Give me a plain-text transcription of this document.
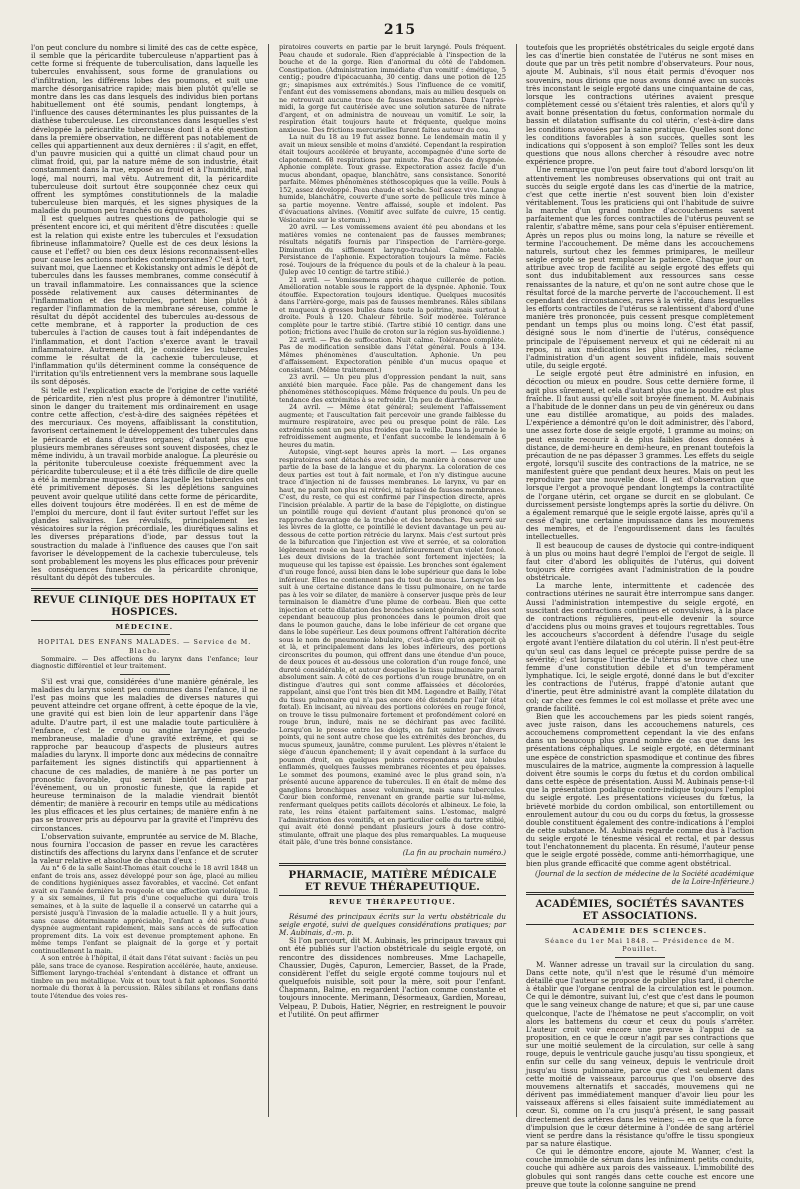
215

l'on peut conclure du nombre si limité des cas de cette espèce, il semble que la péricardite tuberculeuse n'appartient pas à cette forme si fréquente de tuberculisation, dans laquelle les tubercules envahissent, sous forme de granulations ou d'infiltration, les différens lobes des poumons, et suit une marche désorganisatrice rapide; mais bien plutôt qu'elle se montre dans les cas dans lesquels des individus bien portans habituellement ont été soumis, pendant longtemps, à l'influence des causes déterminantes les plus puissantes de la diathèse tuberculeuse. Les circonstances dans lesquelles s'est développée la péricardite tuberculeuse dont il a été question dans la première observation, ne diffèrent pas notablement de celles qui appartiennent aux deux dernières : il s'agit, en effet, d'un pauvre musicien qui a quitté un climat chaud pour un climat froid, qui, par la nature même de son industrie, était constamment dans la rue, exposé au froid et à l'humidité, mal logé, mal nourri, mal vêtu. Autrement dit, la péricardite tuberculeuse doit surtout être soupçonnée chez ceux qui offrent les symptômes constitutionnels de la maladie tuberculeuse bien marqués, et les signes physiques de la maladie du poumon peu tranchés ou équivoques.

Il est quelques autres questions de pathologie qui se présentent encore ici, et qui méritent d'être discutées : quelle est la relation qui existe entre les tubercules et l'exsudation fibrineuse inflammatoire? Quelle est de ces deux lésions la cause et l'effet? ou bien ces deux lésions reconnaissent-elles pour cause les actions morbides contemporaines? C'est à tort, suivant moi, que Laennec et Kokistansky ont admis le dépôt de tubercules dans les fausses membranes, comme consécutif à un travail inflammatoire. Les connaissances que la science possède relativement aux causes déterminantes de l'inflammation et des tubercules, portent bien plutôt à regarder l'inflammation de la membrane séreuse, comme le résultat du dépôt accidentel des tubercules au-dessous de cette membrane, et à rapporter la production de ces tubercules à l'action de causes tout à fait indépendantes de l'inflammation, et dont l'action s'exerce avant le travail inflammatoire. Autrement dit, je considère les tubercules comme le résultat de la cachexie tuberculeuse, et l'inflammation qu'ils déterminent comme la conséquence de l'irritation qu'ils entretiennent vers la membrane sous laquelle ils sont déposés.

Si telle est l'explication exacte de l'origine de cette variété de péricardite, rien n'est plus propre à démontrer l'inutilité, sinon le danger du traitement mis ordinairement en usage contre cette affection, c'est-à-dire des saignées répétées et des mercuriaux. Ces moyens, affaiblissant la constitution, favorisent certainement le développement des tubercules dans le péricarde et dans d'autres organes; d'autant plus que plusieurs membranes séreuses sont souvent disposées, chez le même individu, à un travail morbide analogue. La pleurésie ou la péritonite tuberculeuse coexiste fréquemment avec la péricardite tuberculeuse; et il a été très difficile de dire quelle a été la membrane muqueuse dans laquelle les tubercules ont été primitivement déposés. Si les déplétions sanguines peuvent avoir quelque utilité dans cette forme de péricardite, elles doivent toujours être modérées. Il en est de même de l'emploi du mercure, dont il faut éviter surtout l'effet sur les glandes salivaires. Les révulsifs, principalement les vésicatoires sur la région précordiale, les diurétiques salins et les diverses préparations d'iode, par dessus tout la soustraction du malade à l'influence des causes que l'on sait favoriser le développement de la cachexie tuberculeuse, tels sont probablement les moyens les plus efficaces pour prévenir les conséquences funestes de la péricardite chronique, résultant du dépôt des tubercules.

REVUE CLINIQUE DES HOPITAUX ET HOSPICES.
MÉDECINE.
HOPITAL DES ENFANS MALADES. — Service de M. Blache.

Sommaire. — Des affections du larynx dans l'enfance; leur diagnostic différentiel et leur traitement.

S'il est vrai que, considérées d'une manière générale, les maladies du larynx soient peu communes dans l'enfance, il ne l'est pas moins que les maladies de diverses natures qui peuvent atteindre cet organe offrent, à cette époque de la vie, une gravité qui est bien loin de leur appartenir dans l'âge adulte. D'autre part, il est une maladie toute particulière à l'enfance, c'est le croup ou angine laryngée pseudo-membraneuse, maladie d'une gravité extrême, et qui se rapproche par beaucoup d'aspects de plusieurs autres maladies du larynx. Il importe donc aux médecins de connaître parfaitement les signes distinctifs qui appartiennent à chacune de ces maladies, de manière à ne pas porter un pronostic favorable, qui serait bientôt démenti par l'événement, ou un pronostic funeste, que la rapide et heureuse terminaison de la maladie viendrait bientôt démentir; de manière à recourir en temps utile au médications les plus efficaces et les plus certaines; de manière enfin à ne pas se trouver pris au dépourvu par la gravité et l'imprévu des circonstances.

L'observation suivante, empruntée au service de M. Blache, nous fournira l'occasion de passer en revue les caractères distinctifs des affections du larynx dans l'enfance et de scruter la valeur relative et absolue de chacun d'eux :

Au n° 6 de la salle Saint-Thomas était couché le 18 avril 1848 un enfant de trois ans, assez développé pour son âge, placé au milieu de conditions hygiéniques assez favorables, et vacciné. Cet enfant avait eu l'année dernière la rougeole et une affection varioloïque. Il y a six semaines, il fut pris d'une coqueluche qui dura trois semaines, et à la suite de laquelle il a conservé un catarrhe qui a persisté jusqu'à l'invasion de la maladie actuelle. Il y a huit jours, sans cause déterminante appréciable, l'enfant a été pris d'une dyspnée augmentant rapidement, mais sans accès de suffocation proprement dits. La voix est devenue promptement aphone. En même temps l'enfant se plaignait de la gorge et y portait continuellement la main.

A son entrée à l'hôpital, il était dans l'état suivant : faciès un peu pâle, sans trace de cyanose. Respiration accélérée, haute, anxieuse. Sifflement laryngo-trachéal s'entendant à distance et offrant un timbre un peu métallique. Voix et toux tout à fait aphones. Sonorité normale du thorax à la percussion. Râles sibilans et ronflans dans toute l'étendue des voies res-

piratoires couverts en partie par le bruit laryngé. Pouls fréquent. Peau chaude et sudorale. Rien d'appréciable à l'inspection de la bouche et de la gorge. Rien d'anormal du côté de l'abdomen. Constipation. (Administration immédiate d'un vomitif : émétique, 5 centig.; poudre d'ipécacuanha, 30 centig. dans une potion de 125 gr.; sinapismes aux extrémités.) Sous l'influence de ce vomitif, l'enfant eut des vomissemens abondans, mais au milieu desquels on ne retrouvait aucune trace de fausses membranes. Dans l'après-midi, la gorge fut cautérisée avec une solution saturée de nitrate d'argent, et on administra de nouveau un vomitif. Le soir, la respiration était toujours haute et fréquente, quelque moins anxieuse. Des frictions mercurielles furent faites autour du cou.

La nuit du 18 au 19 fut assez bonne. Le lendemain matin il y avait un mieux sensible et moins d'anxiété. Cependant la respiration était toujours accélérée et bruyante, accompagnée d'une sorte de clapotement. 68 respirations par minute. Pas d'accès de dyspnée. Aphonie complète. Toux grasse. Expectoration assez facile d'un mucus abondant, opaque, blanchâtre, sans consistance. Sonorité parfaite. Mêmes phénomènes stéthoscopiques que la veille. Pouls à 152, assez développé. Peau chaude et sèche. Soif assez vive. Langue humide, blanchâtre, couverte d'une sorte de pellicule très mince à sa partie moyenne. Ventre affaissé, souple et indolent. Pas d'évacuations alvines. (Vomitif avec sulfate de cuivre, 15 centig. Vésicatoire sur le sternum.)

20 avril. — Les vomissemens avaient été peu abondans et les matières vomies ne contenaient pas de fausses membranes; résultats négatifs fournis par l'inspection de l'arrière-gorge. Diminution du sifflement laryngo-trachéal. Calme notable. Persistance de l'aphonie. Expectoration toujours la même. Faciès rosé. Toujours de la fréquence du pouls et de la chaleur à la peau. (Julep avec 10 centigr. de tartre stibié.)

21 avril. — Vomissemens après chaque cuillerée de potion. Amélioration notable sous le rapport de la dyspnée. Aphonie. Toux étouffée. Expectoration toujours identique. Quelques mucosités dans l'arrière-gorge, mais pas de fausses membranes. Râles sibilans et muqueux à grosses bulles dans toute la poitrine, mais surtout à droite. Pouls à 120. Chaleur fébrile. Soif modérée. Tolérance complète pour le tartre stibié. (Tartre stibié 10 centigr. dans une potion; frictions avec l'huile de croton sur la région sus-hyoïdienne.)

22 avril. — Pas de suffocation. Nuit calme. Tolérance complète. Pas de modification sensible dans l'état général. Pouls à 134. Mêmes phénomènes d'auscultation. Aphonie. Un peu d'affaissement. Expectoration pénible d'un mucus opaque et consistant. (Même traitement.)

23 avril. — Un peu plus d'oppression pendant la nuit, sans anxiété bien marquée. Face pâle. Pas de changement dans les phénomènes stéthoscopiques. Même fréquence du pouls. Un peu de tendance des extrémités à se refroidir. Un peu de diarrhée.

24 avril. — Même état général; seulement l'affaissement augmente; et l'auscultation fait percevoir une grande faiblesse du murmure respiratoire, avec peu ou presque point de râle. Les extrémités sont un peu plus froides que la veille. Dans la journée le refroidissement augmente, et l'enfant succombe le lendemain à 6 heures du matin.

Autopsie, vingt-sept heures après la mort. — Les organes respiratoires sont détachés avec soin, de manière à conserver une partie de la base de la langue et du pharynx. La coloration de ces deux parties est tout à fait normale, et l'on n'y distingue aucune trace d'injection ni de fausses membranes. Le larynx, vu par en haut, ne paraît non plus ni rétréci, ni tapissé de fausses membranes. C'est, du reste, ce qui est confirmé par l'inspection directe, après l'incision préalable. A partir de la base de l'épiglotte, on distingue un pointillé rouge qui devient d'autant plus prononcé qu'on se rapproche davantage de la trachée et des bronches. Peu serré sur les lèvres de la glotte, ce pointillé le devient davantage un peu au-dessous de cette portion rétrécie du larynx. Mais c'est surtout près de la bifurcation que l'injection est vive et serrée, et sa coloration légèrement rosée en haut devient inférieurement d'un violet foncé. Les deux divisions de la trachée sont fortement injectées; la muqueuse qui les tapisse est épaissie. Les bronches sont également d'un rouge foncé, aussi bien dans le lobe supérieur que dans le lobe inférieur. Elles ne contiennent pas du tout de mucus. Lorsqu'on les suit à une certaine distance dans le tissu pulmonaire, on ne tarde pas à les voir se dilater, de manière à conserver jusque près de leur terminaison le diamètre d'une plume de corbeau. Bien que cette injection et cette dilatation des bronches soient générales, elles sont cependant beaucoup plus prononcées dans le poumon droit que dans le poumon gauche, dans le lobe inférieur de cet organe que dans le lobe supérieur. Les deux poumons offrent l'altération décrite sous le nom de pneumonie lobulaire, c'est-à-dire qu'on aperçoit çà et là, et principalement dans les lobes inférieurs, des portions circonscrites du poumon, qui offrent dans une étendue d'un pouce, de deux pouces et au-dessous une coloration d'un rouge foncé, une dureté considérable, et autour desquelles le tissu pulmonaire paraît absolument sain. A côté de ces portions d'un rouge brunâtre, on en distingue d'autres qui sont comme affaissées et décolorées, rappelant, ainsi que l'ont très bien dit MM. Legendre et Bailly, l'état du tissu pulmonaire qui n'a pas encore été distendu par l'air (état fœtal). En incisant, au niveau des portions colorées en rouge foncé, on trouve le tissu pulmonaire fortement et profondément coloré en rouge brun, induré, mais ne se déchirant pas avec facilité. Lorsqu'on le presse entre les doigts, on fait suinter par divers points, qui ne sont autre chose que les extrémités des bronches, du mucus spumeux, jaunâtre, comme purulent. Les plèvres n'étaient le siège d'aucun épanchement; il y avait cependant à la surface du poumon droit, en quelques points correspondans aux lobules enflammés, quelques fausses membranes récentes et peu épaisses. Le sommet des poumons, examiné avec le plus grand soin, n'a présenté aucune apparence de tubercules. Il en était de même des ganglions bronchiques assez volumineux, mais sans tubercules. Cœur bien conformé, renvenant en grande partie sur lui-même, renfermant quelques petits caillots décolorés et albineux. Le foie, la rate, les reins étaient parfaitement sains. L'estomac, malgré l'administration des vomitifs, et en particulier celle du tartre stibié, qui avait été donné pendant plusieurs jours à dose contro-stimulante, offrait une plaque des plus remarquables. La muqueuse était pâle, d'une très bonne consistance.

(La fin au prochain numéro.)
PHARMACIE, MATIÈRE MÉDICALE ET REVUE THÉRAPEUTIQUE.
REVUE THÉRAPEUTIQUE.

Résumé des principaux écrits sur la vertu obstétricale du seigle ergoté, suivi de quelques considérations pratiques; par M. Aubinais, d.-m. p.

Si l'on parcourt, dit M. Aubinais, les principaux travaux qui ont été publiés sur l'action obstétricale du seigle ergoté, on rencontre des dissidences nombreuses. Mme Lachapelle, Chaussier, Dugès, Capuron, Lemercier, Basset, de la Prade, considèrent l'effet du seigle ergoté comme toujours nul et quelquefois nuisible, soit pour la mère, soit pour l'enfant. Chapmann, Balme, en regardent l'action comme constante et toujours innocente. Merimann, Désormeaux, Gardien, Moreau, Velpeau, P. Dubois, Hatier, Négrier, en restreignent le pouvoir et l'utilité. On peut affirmer

toutefois que les propriétés obstétricales du seigle ergoté dans les cas d'inertie bien constatée de l'utérus ne sont mises en doute que par un très petit nombre d'observateurs. Pour nous, ajoute M. Aubinais, s'il nous était permis d'évoquer nos souvenirs, nous dirions que nous avons donné avec un succès très inconstant le seigle ergoté dans une cinquantaine de cas, lorsque les contractions utérines avaient presque complètement cessé ou s'étaient très ralenties, et alors qu'il y avait bonne présentation du fœtus, conformation normale du bassin et dilatation suffisante du col utérin, c'est-à-dire dans les conditions avouées par la saine pratique. Quelles sont donc les conditions favorables à son succès, quelles sont les indications qui s'opposent à son emploi? Telles sont les deux questions que nous allons chercher à résoudre avec notre expérience propre.

Une remarque que l'on peut faire tout d'abord lorsqu'on lit attentivement les nombreuses observations qui ont trait au succès du seigle ergoté dans les cas d'inertie de la matrice, c'est que cette inertie n'est souvent bien loin d'exister véritablement. Tous les praticiens qui ont l'habitude de suivre la marche d'un grand nombre d'accouchemens savent parfaitement que les forces contractiles de l'utérus peuvent se ralentir, s'abattre même, sans pour cela s'épuiser entièrement. Après un repos plus ou moins long, la nature se réveille et termine l'accouchement. De même dans les accouchemens naturels, surtout chez les femmes primipares, le meilleur seigle ergoté se peut remplacer la patience. Chaque jour on attribue avec trop de facilité au seigle ergoté des effets qui sont dus indubitablement aux ressources sans cesse renaissantes de la nature, et qu'on ne sont autre chose que le résultat forcé de la marche perverte de l'accouchement. Il est cependant des circonstances, rares à la vérité, dans lesquelles les efforts contractiles de l'utérus se ralentissent d'abord d'une manière très prononcée, puis cessent presque complètement pendant un temps plus ou moins long. C'est état passif, désigné sous le nom d'inertie de l'utérus, conséquence principale de l'épuisement nerveux et qui ne céderait ni au repos, ni aux médications les plus rationnelles, réclame l'administration d'un agent souvent infidèle, mais souvent utile, du seigle ergoté.

Le seigle ergoté peut être administré en infusion, en décoction ou mieux en poudre. Sous cette dernière forme, il agit plus sûrement, et cela d'autant plus que la poudre est plus fraîche. Il faut aussi qu'elle soit broyée finement. M. Aubinais a l'habitude de le donner dans un peu de vin généreux ou dans une eau distillée aromatique, au poids des malades. L'expérience a démontré qu'on le doit administrer, dès l'abord, une assez forte dose de seigle ergoté, 1 gramme au moins; on peut ensuite recourir à de plus faibles doses données à distance, de demi-heure en demi-heure, en prenant toutefois la précaution de ne pas dépasser 3 grammes. Les effets du seigle ergoté, lorsqu'il suscite des contractions de la matrice, ne se manifestent guère que pendant deux heures. Mais on peut les reproduire par une nouvelle dose. Il est d'observation que lorsque l'ergot a provoqué pendant longtemps la contractilité de l'organe utérin, cet organe se durcit en se globulant. Ce durcissement persiste longtemps après la sortie du délivre. On a également remarqué que le seigle ergoté laisse, après qu'il a cessé d'agir, une certaine impuissance dans les mouvemens des membres, et de l'engourdissement dans les facultés intellectuelles.

Il est beaucoup de causes de dystocie qui contre-indiquent à un plus ou moins haut degré l'emploi de l'ergot de seigle. Il faut citer d'abord les obliquités de l'utérus, qui doivent toujours être corrigées avant l'administration de la poudre obstétricale.

La marche lente, intermittente et cadencée des contractions utérines ne saurait être interrompue sans danger. Aussi l'administration intempestive du seigle ergoté, en suscitant des contractions continues et convulsives, à la place de contractions régulières, peut-elle devenir la source d'accidens plus ou moins graves et toujours regrettables. Tous les accoucheurs s'accordent à défendre l'usage du seigle ergoté avant l'entière dilatation du col utérin. Il n'est peut-être qu'un seul cas dans lequel ce précepte puisse perdre de sa sévérité; c'est lorsque l'inertie de l'utérus se trouve chez une femme d'une constitution débile et d'un tempérament lymphatique. Ici, le seigle ergoté, donné dans le but d'exciter les contractions de l'utérus, frappé d'atonie autant que d'inertie, peut être administré avant la complète dilatation du col; car chez ces femmes le col est mollasse et prête avec une grande facilité.

Bien que les accouchemens par les pieds soient rangés, avec juste raison, dans les accouchemens naturels, ces accouchemens compromettent cependant la vie des enfans dans un beaucoup plus grand nombre de cas que dans les présentations céphaliques. Le seigle ergoté, en déterminant une espèce de constriction spasmodique et continue des fibres musculaires de la matrice, augmente la compression à laquelle doivent être soumis le corps du fœtus et du cordon ombilical dans cette espèce de présentation. Aussi M. Aubinais pense-t-il que la présentation podalique contre-indique toujours l'emploi du seigle ergoté. Les présentations vicieuses du fœtus, la brièveté morbide du cordon ombilical, son entortillement ou enroulement autour du cou ou du corps du fœtus, la grossesse double constituent également des contre-indications à l'emploi de cette substance. M. Aubinais regarde comme dus à l'action du seigle ergoté le ténesme vésical et rectal, et par dessus tout l'enchatonnement du placenta. En résumé, l'auteur pense que le seigle ergoté possède, comme anti-hémorrhagique, une bien plus grande efficacité que comme agent obstétrical.

(Journal de la section de médecine de la Société académique de la Loire-Inférieure.)
ACADÉMIES, SOCIÉTÉS SAVANTES ET ASSOCIATIONS.
ACADÉMIE DES SCIENCES.
Séance du 1er Mai 1848. — Présidence de M. Pouillet.

M. Wanner adresse un travail sur la circulation du sang. Dans cette note, qu'il n'est que le résumé d'un mémoire détaillé que l'auteur se propose de publier plus tard, il cherche à établir que l'organe central de la circulation est le poumon. Ce qui le démontre, suivant lui, c'est que c'est dans le poumon que le sang veineux change de nature; et que si, par une cause quelconque, l'acte de l'hématose ne peut s'accomplir, on voit alors les battemens du cœur et ceux du pouls s'arrêter. L'auteur croit voir encore une preuve à l'appui de sa proposition, en ce que le cœur n'agit par ses contractions que sur une moitié seulement de la circulation, sur celle à sang rouge, depuis le ventricule gauche jusqu'au tissu spongieux, et enfin sur celle du sang veineux, depuis le ventricule droit jusqu'au tissu pulmonaire, parce que c'est seulement dans cette moitié de vaisseaux parcourus que l'on observe des mouvemens alternatifs et saccadés, mouvemens qui ne dérivent pas immédiatement manquer d'avoir lieu pour les vaisseaux afférens si elles faisaient suite immédiatement au cœur. Si, comme on l'a cru jusqu'à présent, le sang passait directement des artères dans les veines; — en ce que la force d'impulsion que le cœur détermine à l'ondée de sang artériel vient se perdre dans la résistance qu'offre le tissu spongieux par sa nature élastique.

Ce qui le démontre encore, ajoute M. Wanner, c'est la couche immobile de sérum dans les infiniment petits conduits, couche qui adhère aux parois des vaisseaux. L'immobilité des globules qui sont rangés dans cette couche est encore une preuve que toute la colonne sanguine ne prend
